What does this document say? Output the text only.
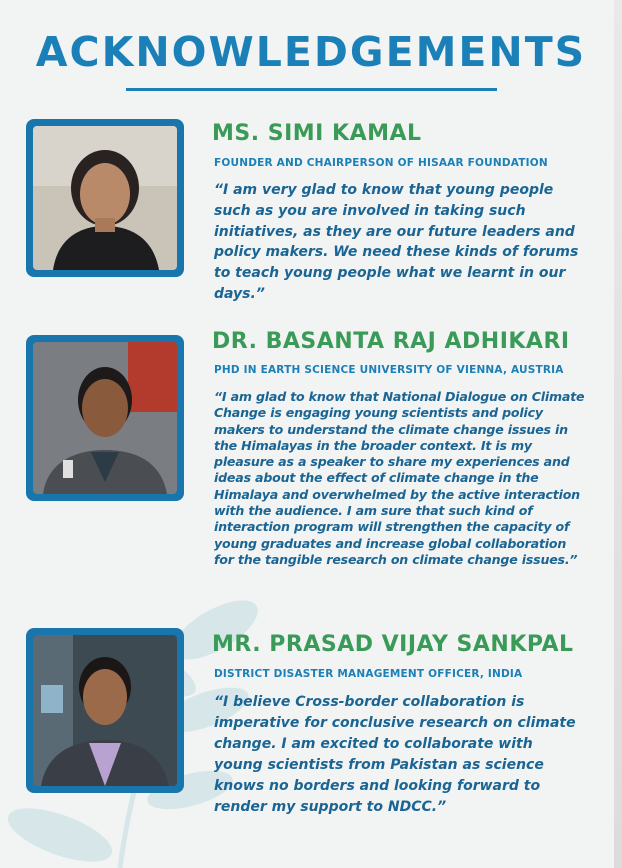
ACKNOWLEDGEMENTS
MS. SIMI KAMAL

FOUNDER AND CHAIRPERSON OF HISAAR FOUNDATION

“I am very glad to know that young people such as you are involved in taking such initiatives, as they are our future leaders and policy makers. We need these kinds of forums to teach young people what we learnt in our days.”

DR. BASANTA RAJ ADHIKARI

PHD IN EARTH SCIENCE UNIVERSITY OF VIENNA, AUSTRIA

“I am glad to know that National Dialogue on Climate Change is engaging young scientists and policy makers to understand the climate change issues in the Himalayas in the broader context. It is my pleasure as a speaker to share my experiences and ideas about the effect of climate change in the Himalaya and overwhelmed by the active interaction with the audience. I am sure that such kind of interaction program will strengthen the capacity of young graduates and increase global collaboration for the tangible research on climate change issues.”

MR. PRASAD VIJAY SANKPAL

DISTRICT DISASTER MANAGEMENT OFFICER, INDIA

“I believe Cross-border collaboration is imperative for conclusive research on climate change. I am excited to collaborate with young scientists from Pakistan as science knows no borders and looking forward to render my support to NDCC.”
